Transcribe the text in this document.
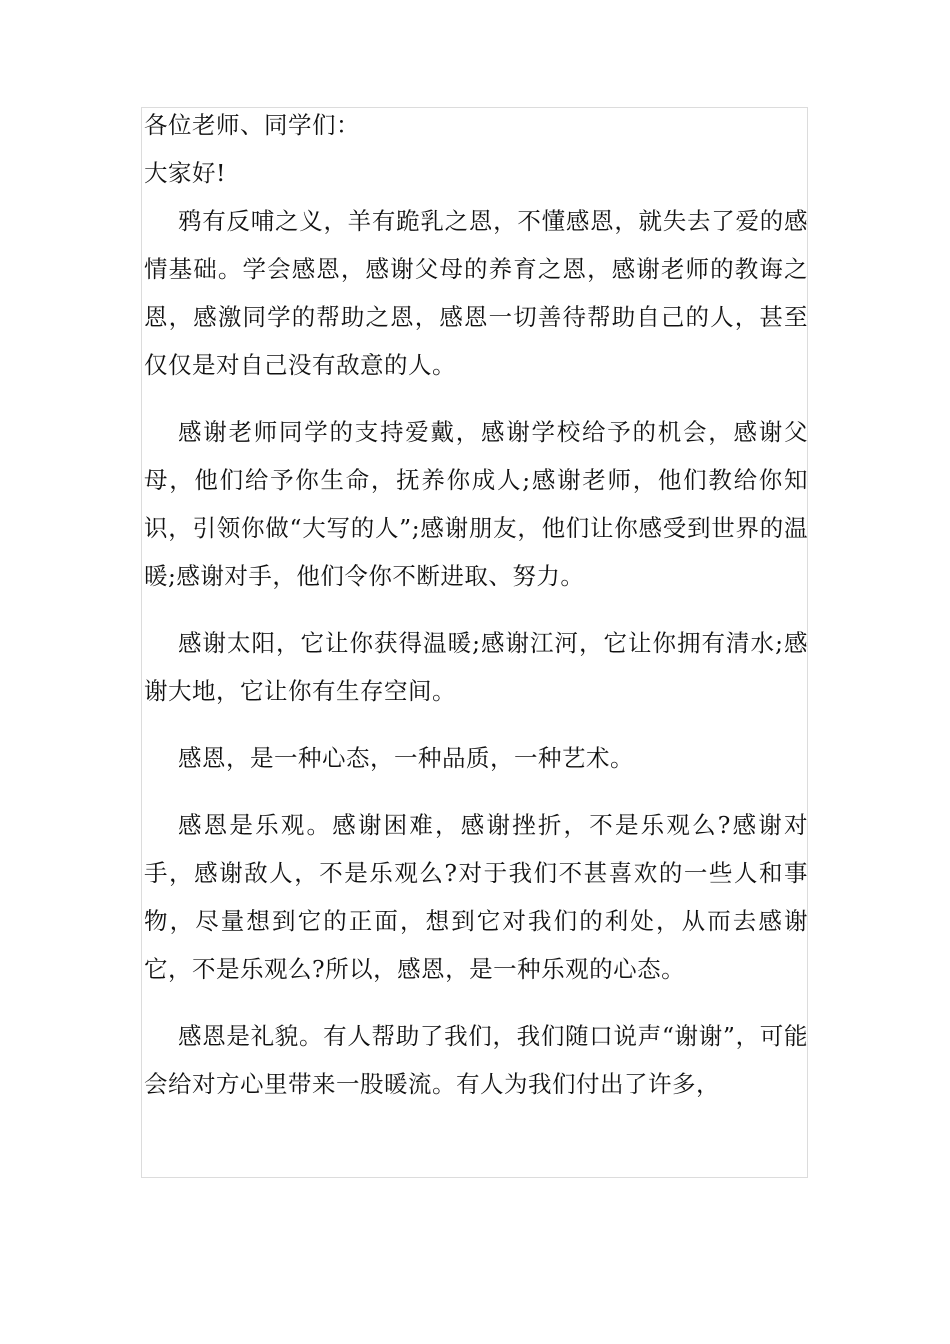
各位老师、同学们：

大家好!

鸦有反哺之义，羊有跪乳之恩，不懂感恩，就失去了爱的感情基础。学会感恩，感谢父母的养育之恩，感谢老师的教诲之恩，感激同学的帮助之恩，感恩一切善待帮助自己的人，甚至仅仅是对自己没有敌意的人。

感谢老师同学的支持爱戴，感谢学校给予的机会，感谢父母，他们给予你生命，抚养你成人;感谢老师，他们教给你知识，引领你做“大写的人”;感谢朋友，他们让你感受到世界的温暖;感谢对手，他们令你不断进取、努力。

感谢太阳，它让你获得温暖;感谢江河，它让你拥有清水;感谢大地，它让你有生存空间。

感恩，是一种心态，一种品质，一种艺术。

感恩是乐观。感谢困难，感谢挫折，不是乐观么?感谢对手，感谢敌人，不是乐观么?对于我们不甚喜欢的一些人和事物，尽量想到它的正面，想到它对我们的利处，从而去感谢它，不是乐观么?所以，感恩，是一种乐观的心态。

感恩是礼貌。有人帮助了我们，我们随口说声“谢谢”，可能会给对方心里带来一股暖流。有人为我们付出了许多，
